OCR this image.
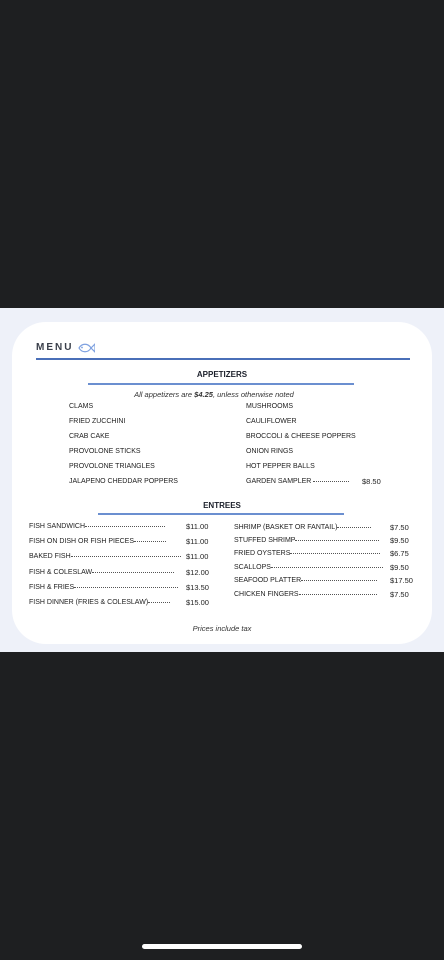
MENU
APPETIZERS
All appetizers are $4.25, unless otherwise noted
CLAMS
FRIED ZUCCHINI
CRAB CAKE
PROVOLONE STICKS
PROVOLONE TRIANGLES
JALAPENO CHEDDAR POPPERS
MUSHROOMS
CAULIFLOWER
BROCCOLI & CHEESE POPPERS
ONION RINGS
HOT PEPPER BALLS
GARDEN SAMPLER	$8.50
ENTREES
FISH SANDWICH	$11.00
FISH ON DISH OR FISH PIECES	$11.00
BAKED FISH	$11.00
FISH & COLESLAW	$12.00
FISH & FRIES	$13.50
FISH DINNER (FRIES & COLESLAW)	$15.00
SHRIMP (BASKET OR FANTAIL)	$7.50
STUFFED SHRIMP	$9.50
FRIED OYSTERS	$6.75
SCALLOPS	$9.50
SEAFOOD PLATTER	$17.50
CHICKEN FINGERS	$7.50
Prices include tax
